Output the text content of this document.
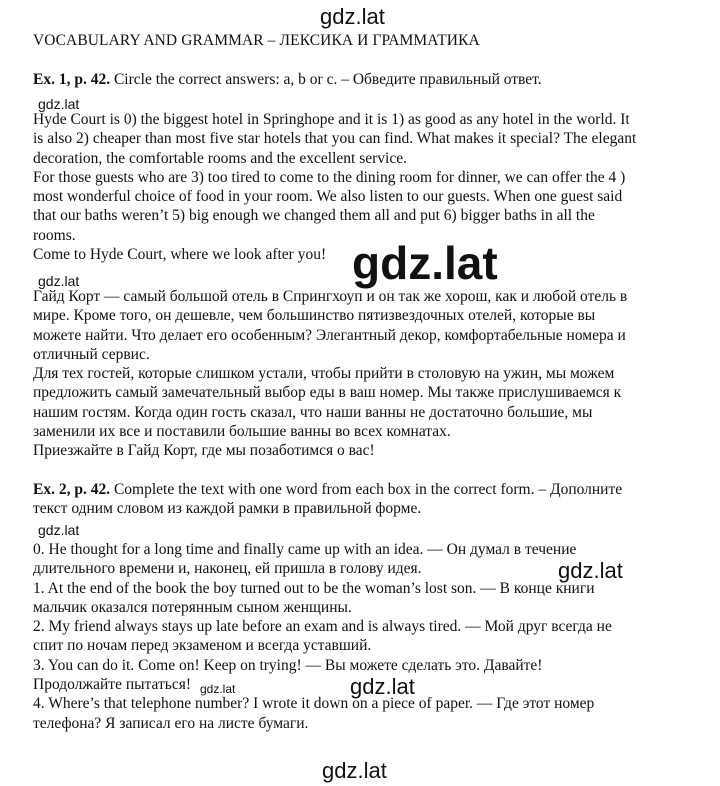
VOCABULARY AND GRAMMAR – ЛЕКСИКА И ГРАММАТИКА
Ex. 1, p. 42. Circle the correct answers: a, b or c. – Обведите правильный ответ.
Hyde Court is 0) the biggest hotel in Springhope and it is 1) as good as any hotel in the world. It
is also 2) cheaper than most five star hotels that you can find. What makes it special? The elegant
decoration, the comfortable rooms and the excellent service.
For those guests who are 3) too tired to come to the dining room for dinner, we can offer the 4 )
most wonderful choice of food in your room. We also listen to our guests. When one guest said
that our baths weren’t 5) big enough we changed them all and put 6) bigger baths in all the
rooms.
Come to Hyde Court, where we look after you!
Гайд Корт — самый большой отель в Спрингхоуп и он так же хорош, как и любой отель в
мире. Кроме того, он дешевле, чем большинство пятизвездочных отелей, которые вы
можете найти. Что делает его особенным? Элегантный декор, комфортабельные номера и
отличный сервис.
Для тех гостей, которые слишком устали, чтобы прийти в столовую на ужин, мы можем
предложить самый замечательный выбор еды в ваш номер. Мы также прислушиваемся к
нашим гостям. Когда один гость сказал, что наши ванны не достаточно большие, мы
заменили их все и поставили большие ванны во всех комнатах.
Приезжайте в Гайд Корт, где мы позаботимся о вас!
Ex. 2, p. 42. Complete the text with one word from each box in the correct form. – Дополните
текст одним словом из каждой рамки в правильной форме.
0. He thought for a long time and finally came up with an idea. — Он думал в течение
длительного времени и, наконец, ей пришла в голову идея.
1. At the end of the book the boy turned out to be the woman’s lost son. — В конце книги
мальчик оказался потерянным сыном женщины.
2. My friend always stays up late before an exam and is always tired. — Мой друг всегда не
спит по ночам перед экзаменом и всегда уставший.
3. You can do it. Come on! Keep on trying! — Вы можете сделать это. Давайте!
Продолжайте пытаться!
4. Where’s that telephone number? I wrote it down on a piece of paper. — Где этот номер
телефона? Я записал его на листе бумаги.
gdz.lat
gdz.lat
gdz.lat
gdz.lat
gdz.lat
gdz.lat
gdz.lat
gdz.lat
gdz.lat
